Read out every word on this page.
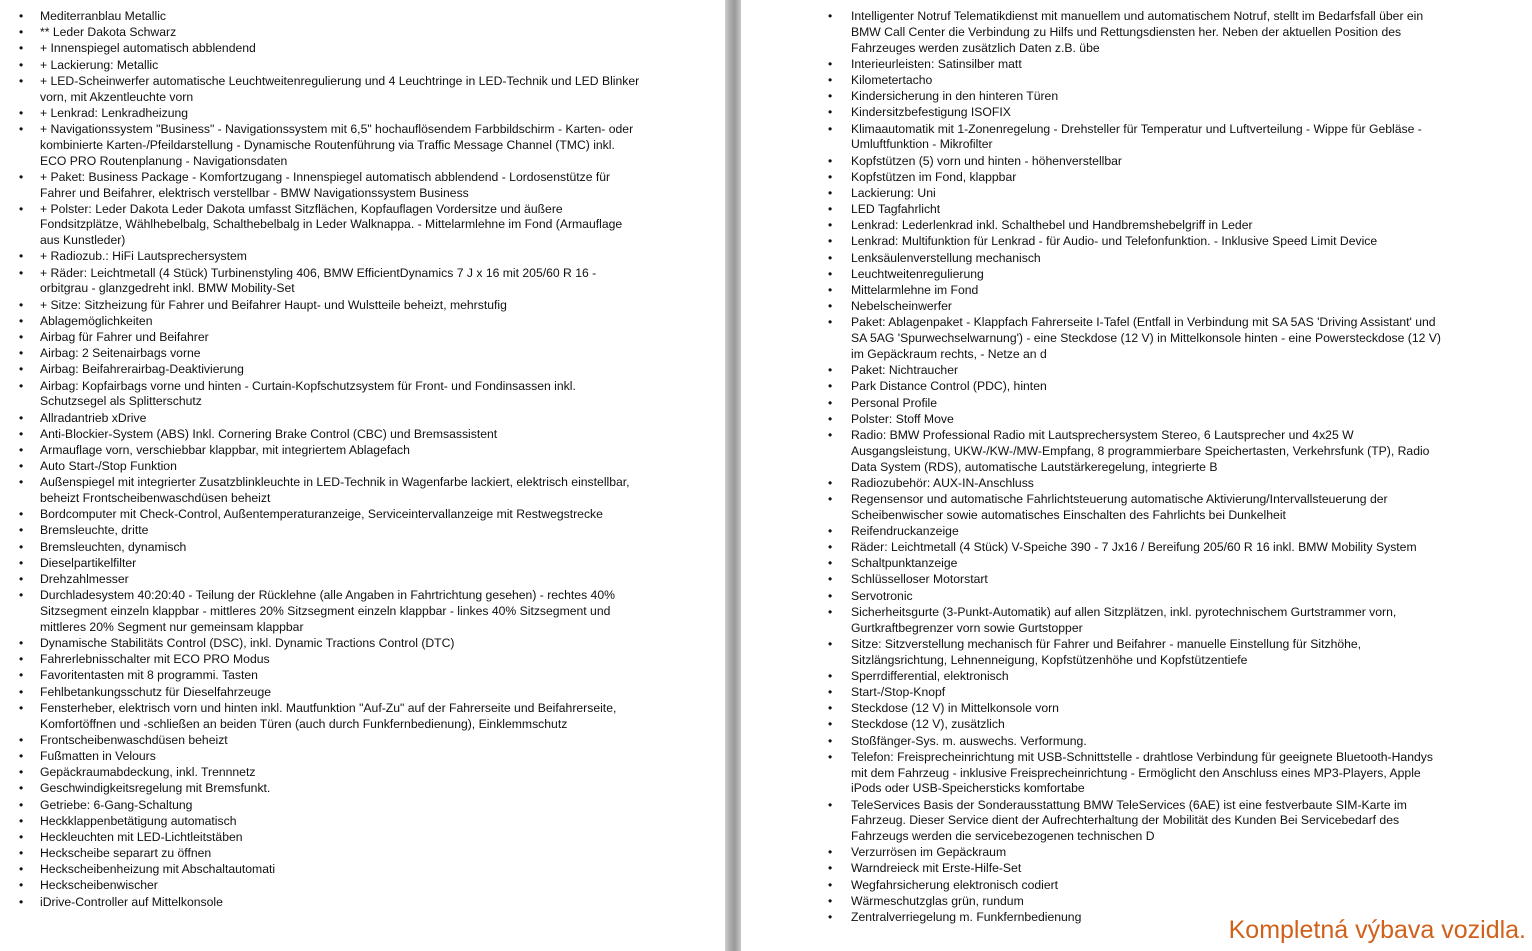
• Mediterranblau Metallic
• ** Leder Dakota Schwarz
• + Innenspiegel automatisch abblendend
• + Lackierung: Metallic
• + LED-Scheinwerfer automatische Leuchtweitenregulierung und 4 Leuchtringe in LED-Technik und LED Blinker vorn, mit Akzentleuchte vorn
• + Lenkrad: Lenkradheizung
• + Navigationssystem "Business" - Navigationssystem mit 6,5" hochauflösendem Farbbildschirm - Karten- oder kombinierte Karten-/Pfeildarstellung - Dynamische Routenführung via Traffic Message Channel (TMC) inkl. ECO PRO Routenplanung - Navigationsdaten
• + Paket: Business Package - Komfortzugang - Innenspiegel automatisch abblendend - Lordosenstütze für Fahrer und Beifahrer, elektrisch verstellbar - BMW Navigationssystem Business
• + Polster: Leder Dakota Leder Dakota umfasst Sitzflächen, Kopfauflagen Vordersitze und äußere Fondsitzplätze, Wählhebelbalg, Schalthebelbalg in Leder Walknappa. - Mittelarmlehne im Fond (Armauflage aus Kunstleder)
• + Radiozub.: HiFi Lautsprechersystem
• + Räder: Leichtmetall (4 Stück) Turbinenstyling 406, BMW EfficientDynamics 7 J x 16 mit 205/60 R 16 - orbitgrau - glanzgedreht inkl. BMW Mobility-Set
• + Sitze: Sitzheizung für Fahrer und Beifahrer Haupt- und Wulstteile beheizt, mehrstufig
• Ablagemöglichkeiten
• Airbag für Fahrer und Beifahrer
• Airbag: 2 Seitenairbags vorne
• Airbag: Beifahrerairbag-Deaktivierung
• Airbag: Kopfairbags vorne und hinten - Curtain-Kopfschutzsystem für Front- und Fondinsassen inkl. Schutzsegel als Splitterschutz
• Allradantrieb xDrive
• Anti-Blockier-System (ABS) Inkl. Cornering Brake Control (CBC) und Bremsassistent
• Armauflage vorn, verschiebbar klappbar, mit integriertem Ablagefach
• Auto Start-/Stop Funktion
• Außenspiegel mit integrierter Zusatzblinkleuchte in LED-Technik in Wagenfarbe lackiert, elektrisch einstellbar, beheizt Frontscheibenwaschdüsen beheizt
• Bordcomputer mit Check-Control, Außentemperaturanzeige, Serviceintervallanzeige mit Restwegstrecke
• Bremsleuchte, dritte
• Bremsleuchten, dynamisch
• Dieselpartikelfilter
• Drehzahlmesser
• Durchladesystem 40:20:40 - Teilung der Rücklehne (alle Angaben in Fahrtrichtung gesehen) - rechtes 40% Sitzsegment einzeln klappbar - mittleres 20% Sitzsegment einzeln klappbar - linkes 40% Sitzsegment und mittleres 20% Segment nur gemeinsam klappbar
• Dynamische Stabilitäts Control (DSC), inkl. Dynamic Tractions Control (DTC)
• Fahrerlebnisschalter mit ECO PRO Modus
• Favoritentasten mit 8 programmi. Tasten
• Fehlbetankungsschutz für Dieselfahrzeuge
• Fensterheber, elektrisch vorn und hinten inkl. Mautfunktion "Auf-Zu" auf der Fahrerseite und Beifahrerseite, Komfortöffnen und -schließen an beiden Türen (auch durch Funkfernbedienung), Einklemmschutz
• Frontscheibenwaschdüsen beheizt
• Fußmatten in Velours
• Gepäckraumabdeckung, inkl. Trennnetz
• Geschwindigkeitsregelung mit Bremsfunkt.
• Getriebe: 6-Gang-Schaltung
• Heckklappenbetätigung automatisch
• Heckleuchten mit LED-Lichtleitstäben
• Heckscheibe separart zu öffnen
• Heckscheibenheizung mit Abschaltautomati
• Heckscheibenwischer
• iDrive-Controller auf Mittelkonsole
• Intelligenter Notruf Telematikdienst mit manuellem und automatischem Notruf, stellt im Bedarfsfall über ein BMW Call Center die Verbindung zu Hilfs und Rettungsdiensten her. Neben der aktuellen Position des Fahrzeuges werden zusätzlich Daten z.B. übe
• Interieurleisten: Satinsilber matt
• Kilometertacho
• Kindersicherung in den hinteren Türen
• Kindersitzbefestigung ISOFIX
• Klimaautomatik mit 1-Zonenregelung - Drehsteller für Temperatur und Luftverteilung - Wippe für Gebläse - Umluftfunktion - Mikrofilter
• Kopfstützen (5) vorn und hinten - höhenverstellbar
• Kopfstützen im Fond, klappbar
• Lackierung: Uni
• LED Tagfahrlicht
• Lenkrad: Lederlenkrad inkl. Schalthebel und Handbremshebelgriff in Leder
• Lenkrad: Multifunktion für Lenkrad - für Audio- und Telefonfunktion. - Inklusive Speed Limit Device
• Lenksäulenverstellung mechanisch
• Leuchtweitenregulierung
• Mittelarmlehne im Fond
• Nebelscheinwerfer
• Paket: Ablagenpaket - Klappfach Fahrerseite I-Tafel (Entfall in Verbindung mit SA 5AS 'Driving Assistant' und SA 5AG 'Spurwechselwarnung') - eine Steckdose (12 V) in Mittelkonsole hinten - eine Powersteckdose (12 V) im Gepäckraum rechts, - Netze an d
• Paket: Nichtraucher
• Park Distance Control (PDC), hinten
• Personal Profile
• Polster: Stoff Move
• Radio: BMW Professional Radio mit Lautsprechersystem Stereo, 6 Lautsprecher und 4x25 W Ausgangsleistung, UKW-/KW-/MW-Empfang, 8 programmierbare Speichertasten, Verkehrsfunk (TP), Radio Data System (RDS), automatische Lautstärkeregelung, integrierte B
• Radiozubehör: AUX-IN-Anschluss
• Regensensor und automatische Fahrlichtsteuerung automatische Aktivierung/Intervallsteuerung der Scheibenwischer sowie automatisches Einschalten des Fahrlichts bei Dunkelheit
• Reifendruckanzeige
• Räder: Leichtmetall (4 Stück) V-Speiche 390 - 7 Jx16 / Bereifung 205/60 R 16 inkl. BMW Mobility System
• Schaltpunktanzeige
• Schlüsselloser Motorstart
• Servotronic
• Sicherheitsgurte (3-Punkt-Automatik) auf allen Sitzplätzen, inkl. pyrotechnischem Gurtstrammer vorn, Gurtkraftbegrenzer vorn sowie Gurtstopper
• Sitze: Sitzverstellung mechanisch für Fahrer und Beifahrer - manuelle Einstellung für Sitzhöhe, Sitzlängsrichtung, Lehnenneigung, Kopfstützenhöhe und Kopfstützentiefe
• Sperrdifferential, elektronisch
• Start-/Stop-Knopf
• Steckdose (12 V) in Mittelkonsole vorn
• Steckdose (12 V), zusätzlich
• Stoßfänger-Sys. m. auswechs. Verformung.
• Telefon: Freisprecheinrichtung mit USB-Schnittstelle - drahtlose Verbindung für geeignete Bluetooth-Handys mit dem Fahrzeug - inklusive Freisprecheinrichtung - Ermöglicht den Anschluss eines MP3-Players, Apple iPods oder USB-Speichersticks komfortabe
• TeleServices Basis der Sonderausstattung BMW TeleServices (6AE) ist eine festverbaute SIM-Karte im Fahrzeug. Dieser Service dient der Aufrechterhaltung der Mobilität des Kunden Bei Servicebedarf des Fahrzeugs werden die servicebezogenen technischen D
• Verzurrösen im Gepäckraum
• Warndreieck mit Erste-Hilfe-Set
• Wegfahrsicherung elektronisch codiert
• Wärmeschutzglas grün, rundum
• Zentralverriegelung m. Funkfernbedienung	Kompletná výbava vozidla.
